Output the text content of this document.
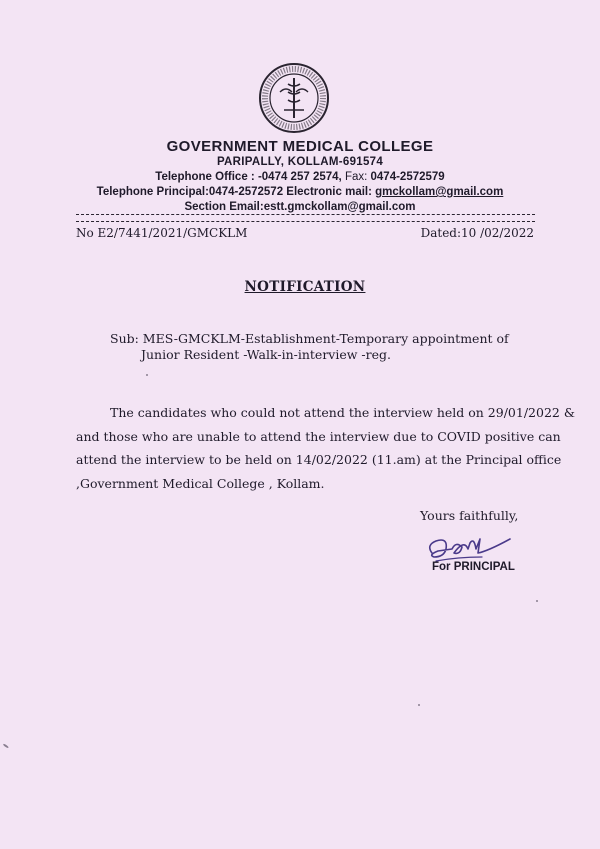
GOVERNMENT MEDICAL COLLEGE
PARIPALLY, KOLLAM-691574
Telephone Office : -0474 257 2574, Fax: 0474-2572579
Telephone Principal:0474-2572572 Electronic mail: gmckollam@gmail.com
Section Email:estt.gmckollam@gmail.com
No E2/7441/2021/GMCKLM	Dated:10 /02/2022
NOTIFICATION
Sub: MES-GMCKLM-Establishment-Temporary appointment of
Junior Resident -Walk-in-interview -reg.
The candidates who could not attend the interview held on 29/01/2022 &
and those who are unable to attend the interview due to COVID positive can
attend the interview to be held on 14/02/2022 (11.am) at the Principal office
,Government Medical College , Kollam.
Yours faithfully,
For PRINCIPAL
